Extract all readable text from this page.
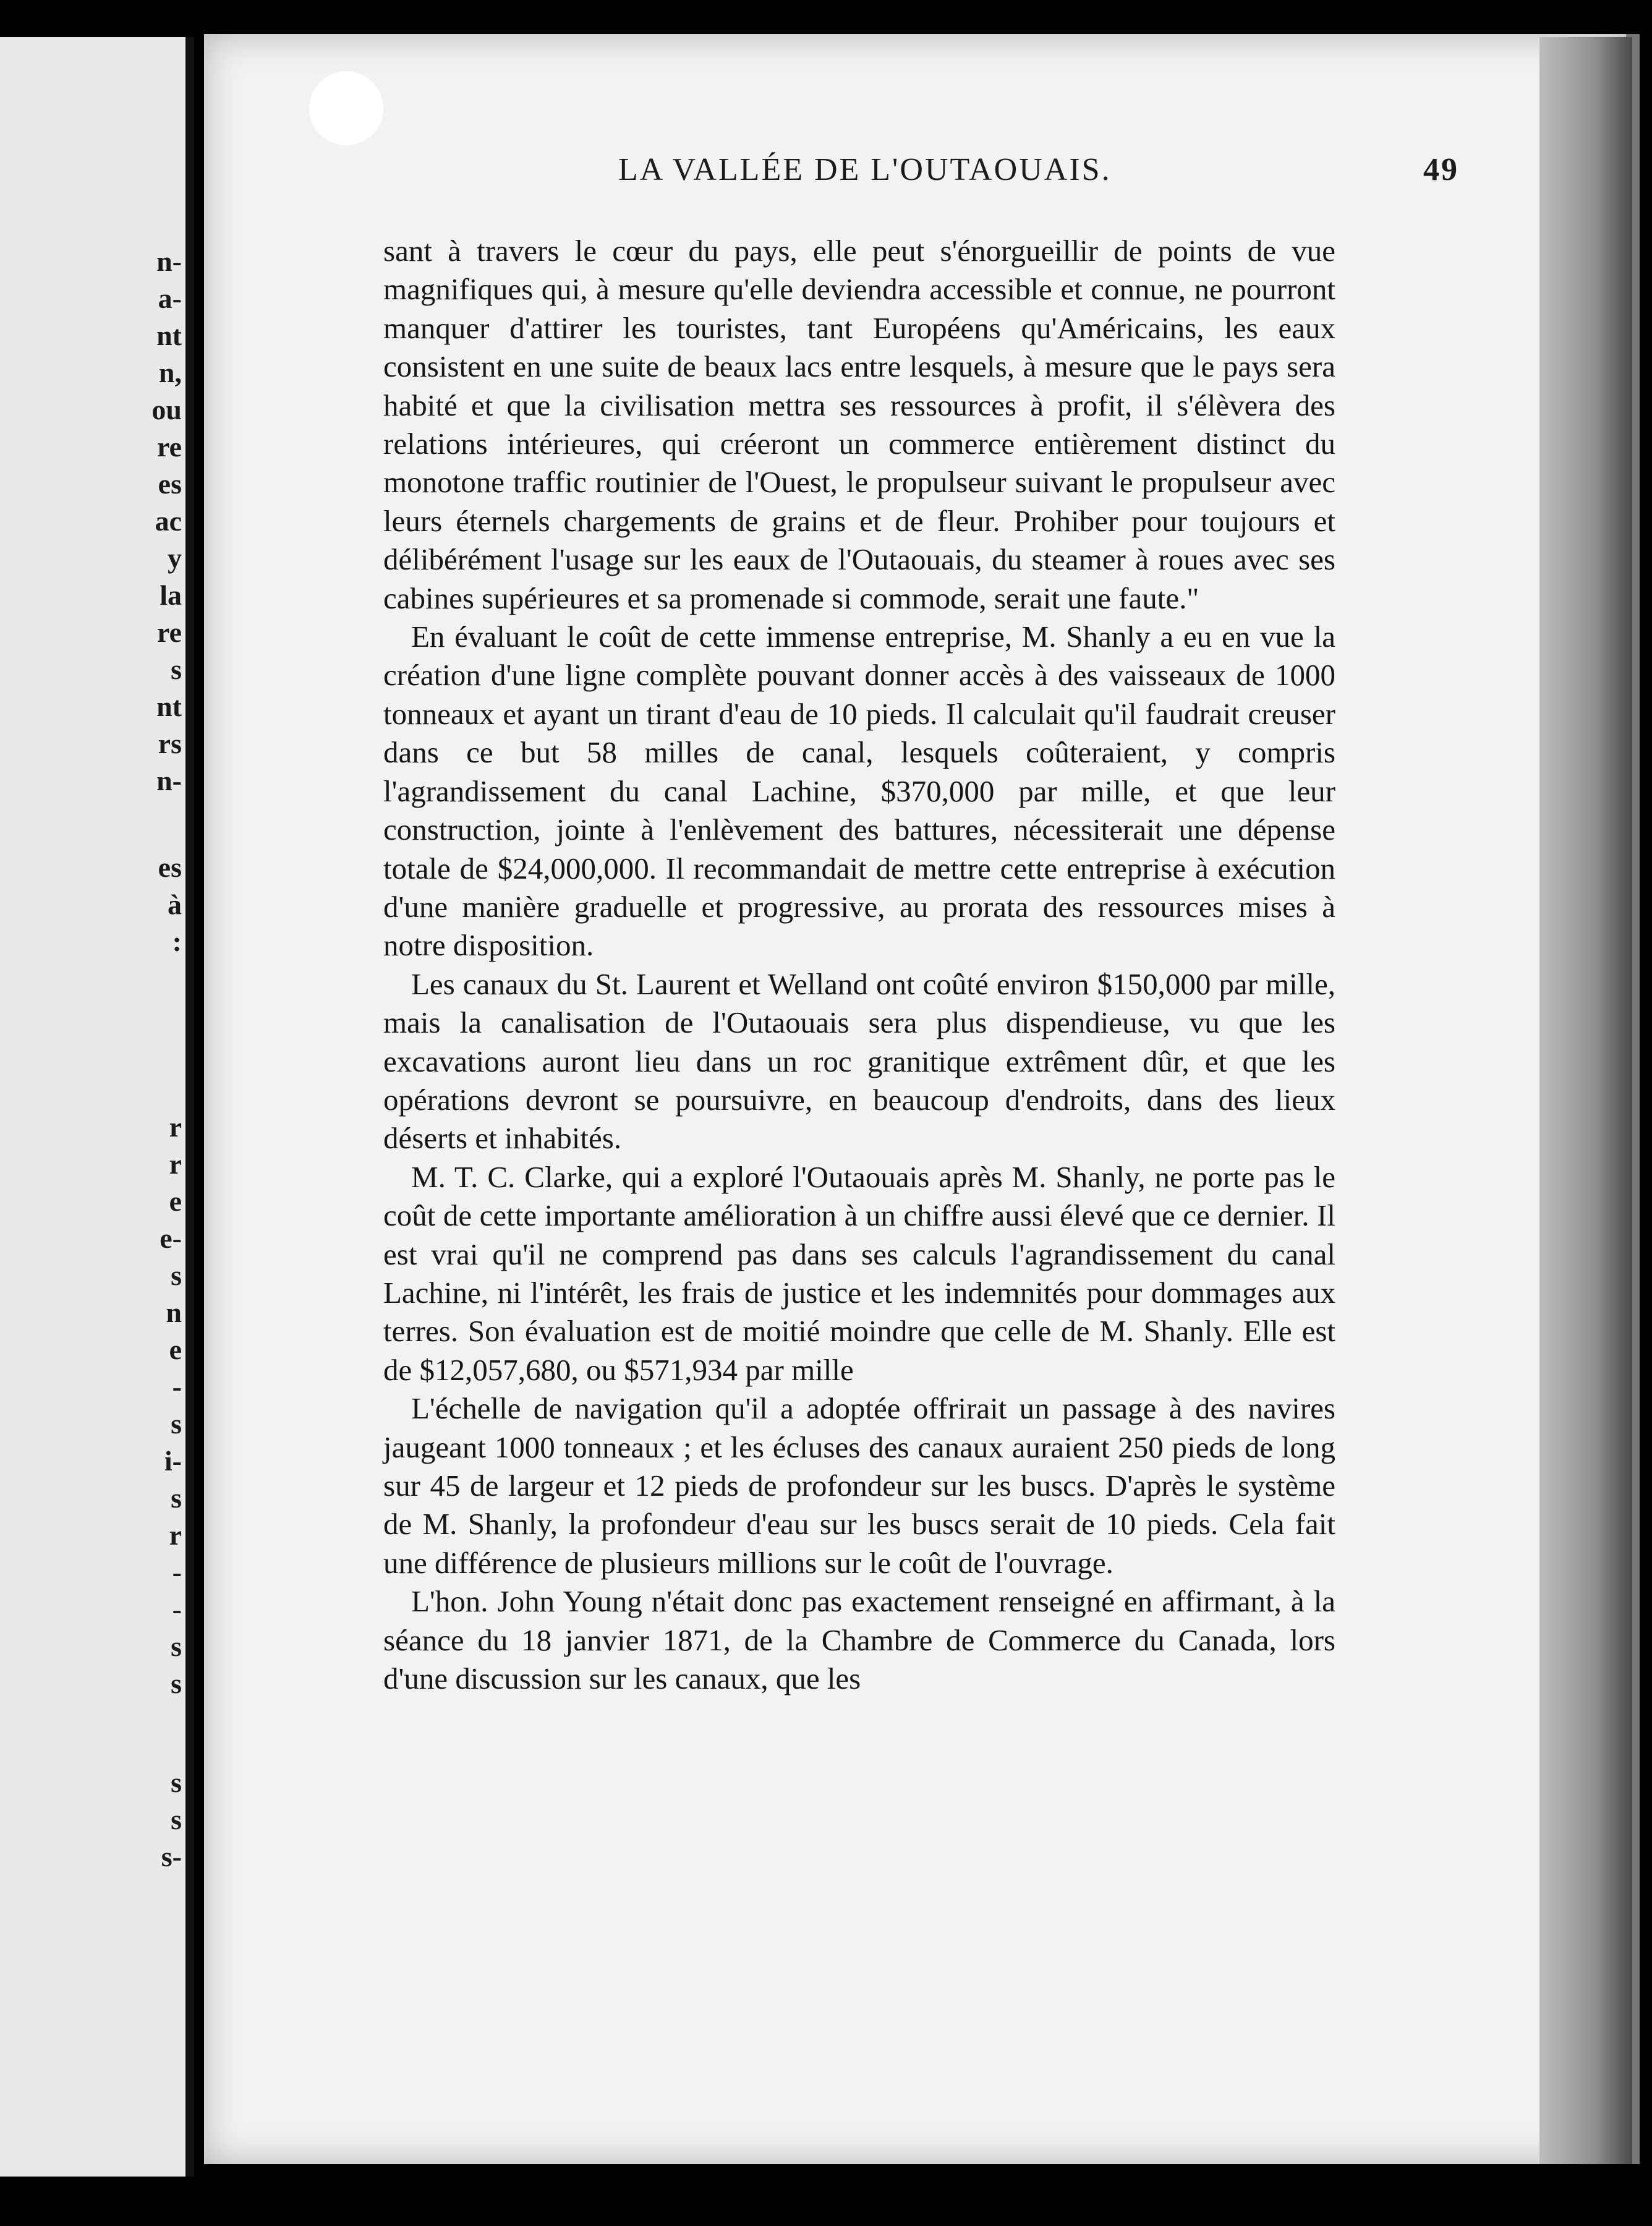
n-
a-
nt
n,
ou
re
es
ac
y
la
re
s
nt
rs
n-
es
à
:
r
r
e
e-
s
n
e
-
s
i-
s
r
-
-
s
s
s
s
s-
LA VALLÉE DE L'OUTAOUAIS.	49

sant à travers le cœur du pays, elle peut s'énorgueillir de points de vue magnifiques qui, à mesure qu'elle deviendra accessible et connue, ne pourront manquer d'attirer les touristes, tant Européens qu'Américains, les eaux consistent en une suite de beaux lacs entre lesquels, à mesure que le pays sera habité et que la civilisation mettra ses ressources à profit, il s'élèvera des relations intérieures, qui créeront un commerce entièrement distinct du monotone traffic routinier de l'Ouest, le propulseur suivant le propulseur avec leurs éternels chargements de grains et de fleur. Prohiber pour toujours et délibérément l'usage sur les eaux de l'Outaouais, du steamer à roues avec ses cabines supérieures et sa promenade si commode, serait une faute."

En évaluant le coût de cette immense entreprise, M. Shanly a eu en vue la création d'une ligne complète pouvant donner accès à des vaisseaux de 1000 tonneaux et ayant un tirant d'eau de 10 pieds. Il calculait qu'il faudrait creuser dans ce but 58 milles de canal, lesquels coûteraient, y compris l'agrandissement du canal Lachine, $370,000 par mille, et que leur construction, jointe à l'enlèvement des battures, nécessiterait une dépense totale de $24,000,000. Il recommandait de mettre cette entreprise à exécution d'une manière graduelle et progressive, au prorata des ressources mises à notre disposition.

Les canaux du St. Laurent et Welland ont coûté environ $150,000 par mille, mais la canalisation de l'Outaouais sera plus dispendieuse, vu que les excavations auront lieu dans un roc granitique extrêment dûr, et que les opérations devront se poursuivre, en beaucoup d'endroits, dans des lieux déserts et inhabités.

M. T. C. Clarke, qui a exploré l'Outaouais après M. Shanly, ne porte pas le coût de cette importante amélioration à un chiffre aussi élevé que ce dernier. Il est vrai qu'il ne comprend pas dans ses calculs l'agrandissement du canal Lachine, ni l'intérêt, les frais de justice et les indemnités pour dommages aux terres. Son évaluation est de moitié moindre que celle de M. Shanly. Elle est de $12,057,680, ou $571,934 par mille

L'échelle de navigation qu'il a adoptée offrirait un passage à des navires jaugeant 1000 tonneaux ; et les écluses des canaux auraient 250 pieds de long sur 45 de largeur et 12 pieds de profondeur sur les buscs. D'après le système de M. Shanly, la profondeur d'eau sur les buscs serait de 10 pieds. Cela fait une différence de plusieurs millions sur le coût de l'ouvrage.

L'hon. John Young n'était donc pas exactement renseigné en affirmant, à la séance du 18 janvier 1871, de la Chambre de Commerce du Canada, lors d'une discussion sur les canaux, que les
